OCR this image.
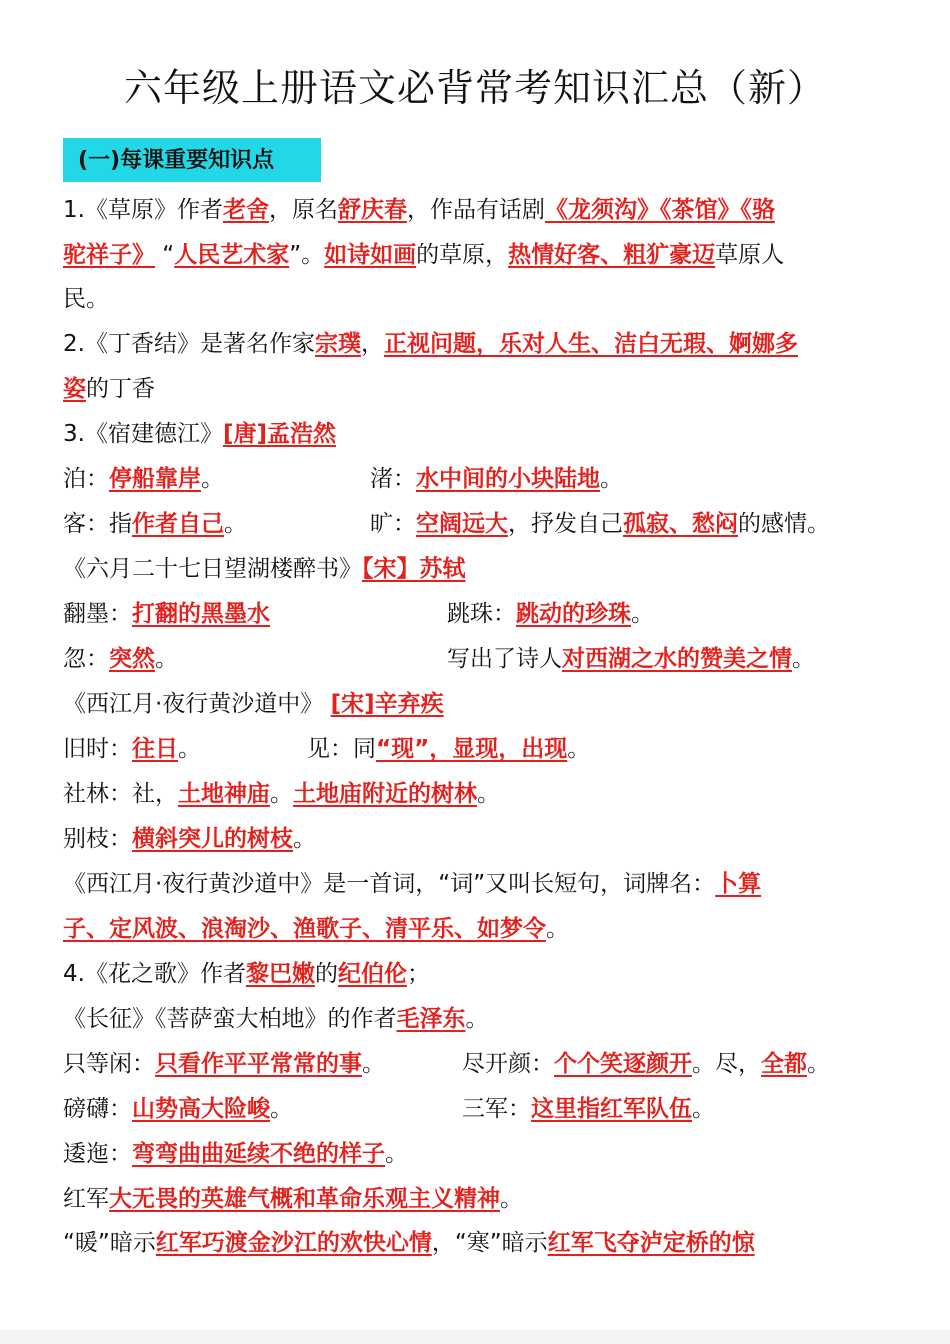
六年级上册语文必背常考知识汇总（新）
(一)每课重要知识点
1.《草原》作者老舍，原名舒庆春，作品有话剧《龙须沟》《茶馆》《骆
驼祥子》 “人民艺术家”。如诗如画的草原，热情好客、粗犷豪迈草原人
民。
2.《丁香结》是著名作家宗璞，正视问题，乐对人生、洁白无瑕、婀娜多
姿的丁香
3.《宿建德江》[唐]孟浩然
泊：停船靠岸。	渚：水中间的小块陆地。
客：指作者自己。	旷：空阔远大，抒发自己孤寂、愁闷的感情。
《六月二十七日望湖楼醉书》【宋】苏轼
翻墨：打翻的黑墨水	跳珠：跳动的珍珠。
忽：突然。	写出了诗人对西湖之水的赞美之情。
《西江月·夜行黄沙道中》 [宋]辛弃疾
旧时：往日。	见：同“现”，显现，出现。
社林：社，土地神庙。土地庙附近的树林。
别枝：横斜突儿的树枝。
《西江月·夜行黄沙道中》是一首词，“词”又叫长短句，词牌名：卜算
子、定风波、浪淘沙、渔歌子、清平乐、如梦令。
4.《花之歌》作者黎巴嫩的纪伯伦；
《长征》《菩萨蛮大柏地》的作者毛泽东。
只等闲：只看作平平常常的事。	尽开颜：个个笑逐颜开。尽，全都。
磅礴：山势高大险峻。	三军：这里指红军队伍。
逶迤：弯弯曲曲延续不绝的样子。
红军大无畏的英雄气概和革命乐观主义精神。
“暖”暗示红军巧渡金沙江的欢快心情，“寒”暗示红军飞夺泸定桥的惊
